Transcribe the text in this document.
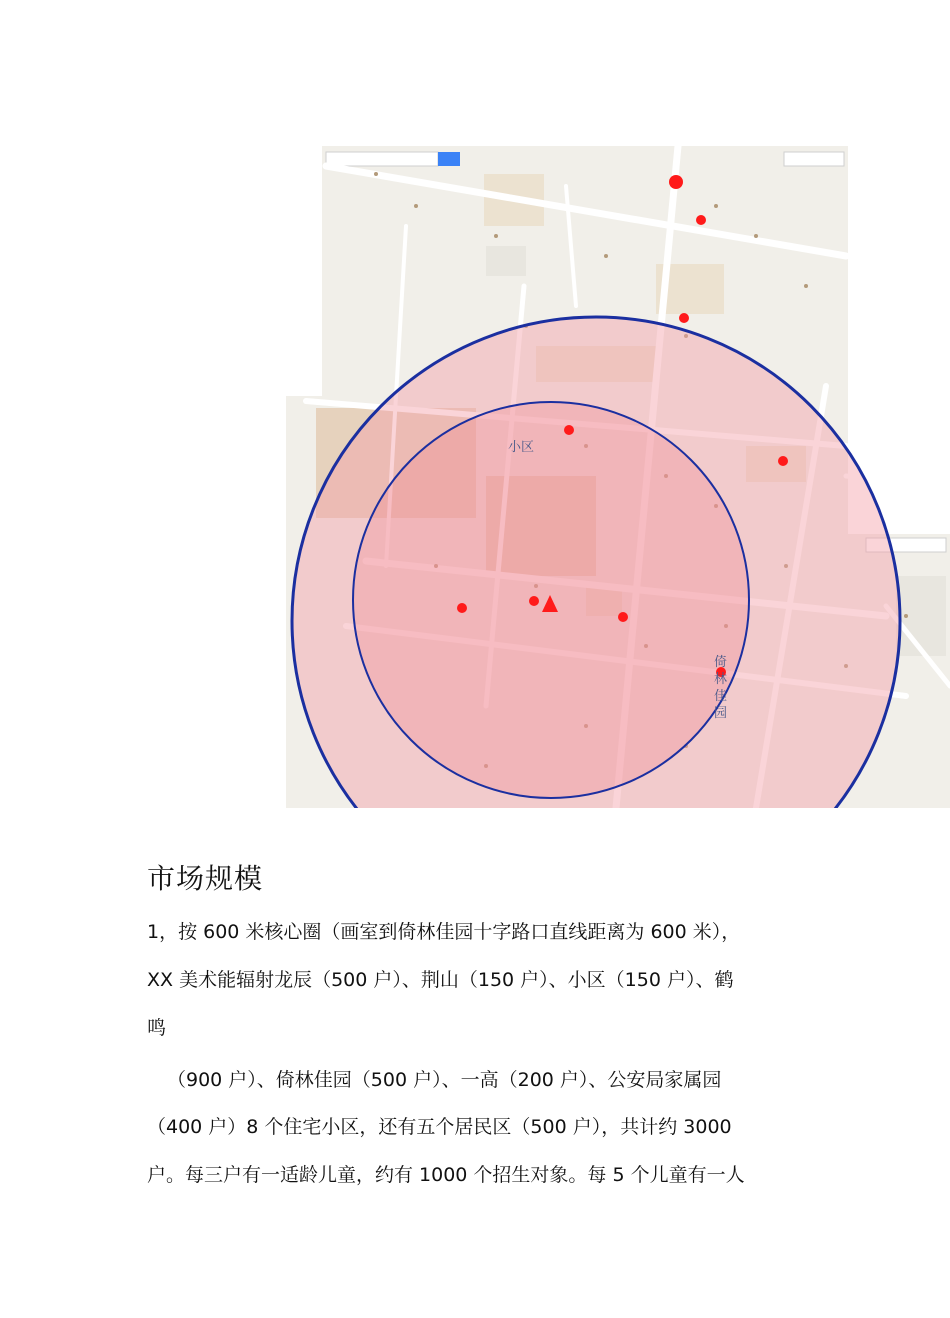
小区
倚 林 佳 园
市场规模

1，按 600 米核心圈（画室到倚林佳园十字路口直线距离为 600 米），

XX 美术能辐射龙辰（500 户）、荆山（150 户）、小区（150 户）、鹤

鸣

（900 户）、倚林佳园（500 户）、一高（200 户）、公安局家属园

（400 户）8 个住宅小区，还有五个居民区（500 户），共计约 3000

户。每三户有一适龄儿童，约有 1000 个招生对象。每 5 个儿童有一人
